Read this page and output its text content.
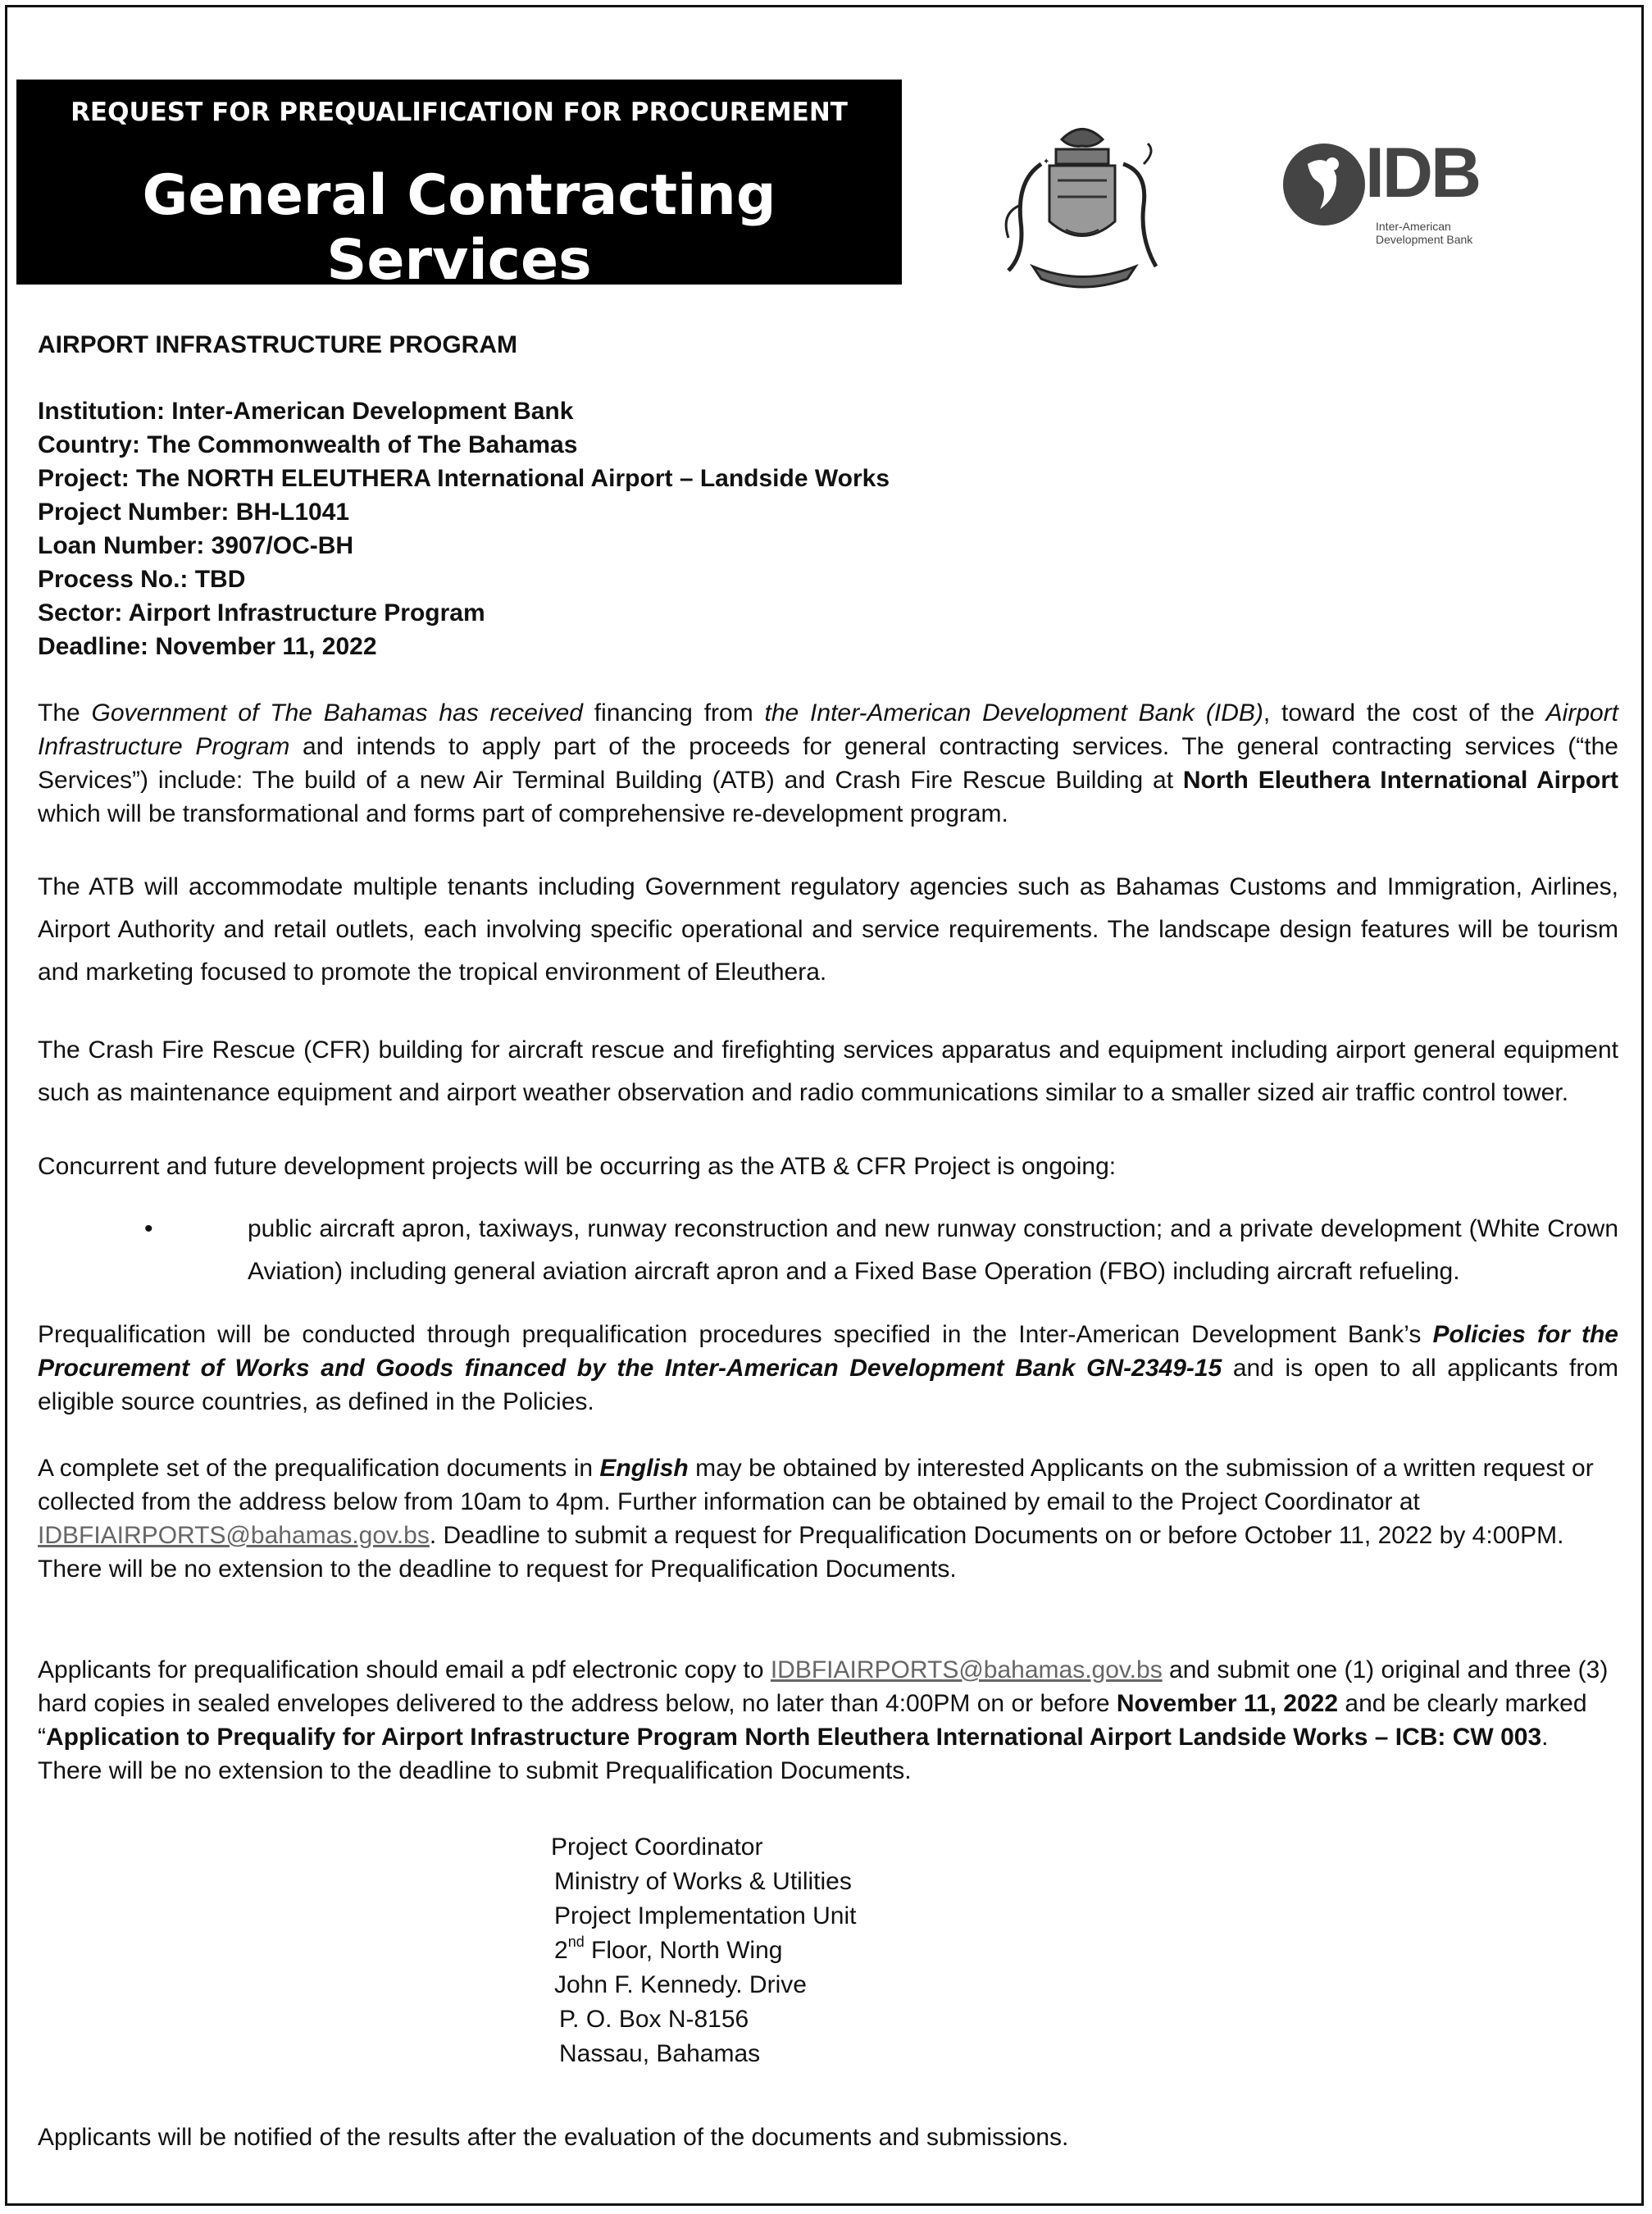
REQUEST FOR PREQUALIFICATION FOR PROCUREMENT
General Contracting Services
✦	IDB
Inter-American
Development Bank
AIRPORT INFRASTRUCTURE PROGRAM
Institution: Inter-American Development Bank
Country: The Commonwealth of The Bahamas
Project: The NORTH ELEUTHERA International Airport – Landside Works
Project Number: BH-L1041
Loan Number: 3907/OC-BH
Process No.: TBD
Sector: Airport Infrastructure Program
Deadline: November 11, 2022

The Government of The Bahamas has received financing from the Inter-American Development Bank (IDB), toward the cost of the Airport Infrastructure Program and intends to apply part of the proceeds for general contracting services. The general contracting services (“the Services”) include: The build of a new Air Terminal Building (ATB) and Crash Fire Rescue Building at North Eleuthera International Airport which will be transformational and forms part of comprehensive re-development program.

The ATB will accommodate multiple tenants including Government regulatory agencies such as Bahamas Customs and Immigration, Airlines, Airport Authority and retail outlets, each involving specific operational and service requirements. The landscape design features will be tourism and marketing focused to promote the tropical environment of Eleuthera.

The Crash Fire Rescue (CFR) building for aircraft rescue and firefighting services apparatus and equipment including airport general equipment such as maintenance equipment and airport weather observation and radio communications similar to a smaller sized air traffic control tower.

Concurrent and future development projects will be occurring as the ATB & CFR Project is ongoing:

•	public aircraft apron, taxiways, runway reconstruction and new runway construction; and a private development (White Crown Aviation) including general aviation aircraft apron and a Fixed Base Operation (FBO) including aircraft refueling.

Prequalification will be conducted through prequalification procedures specified in the Inter-American Development Bank’s Policies for the Procurement of Works and Goods financed by the Inter-American Development Bank GN-2349-15 and is open to all applicants from eligible source countries, as defined in the Policies.

A complete set of the prequalification documents in English may be obtained by interested Applicants on the submission of a written request or collected from the address below from 10am to 4pm. Further information can be obtained by email to the Project Coordinator at IDBFIAIRPORTS@bahamas.gov.bs. Deadline to submit a request for Prequalification Documents on or before October 11, 2022 by 4:00PM. There will be no extension to the deadline to request for Prequalification Documents.

Applicants for prequalification should email a pdf electronic copy to IDBFIAIRPORTS@bahamas.gov.bs and submit one (1) original and three (3) hard copies in sealed envelopes delivered to the address below, no later than 4:00PM on or before November 11, 2022 and be clearly marked “Application to Prequalify for Airport Infrastructure Program North Eleuthera International Airport Landside Works – ICB: CW 003. There will be no extension to the deadline to submit Prequalification Documents.

Project Coordinator
Ministry of Works & Utilities
Project Implementation Unit
2nd Floor, North Wing
John F. Kennedy. Drive
P. O. Box N-8156
Nassau, Bahamas

Applicants will be notified of the results after the evaluation of the documents and submissions.
